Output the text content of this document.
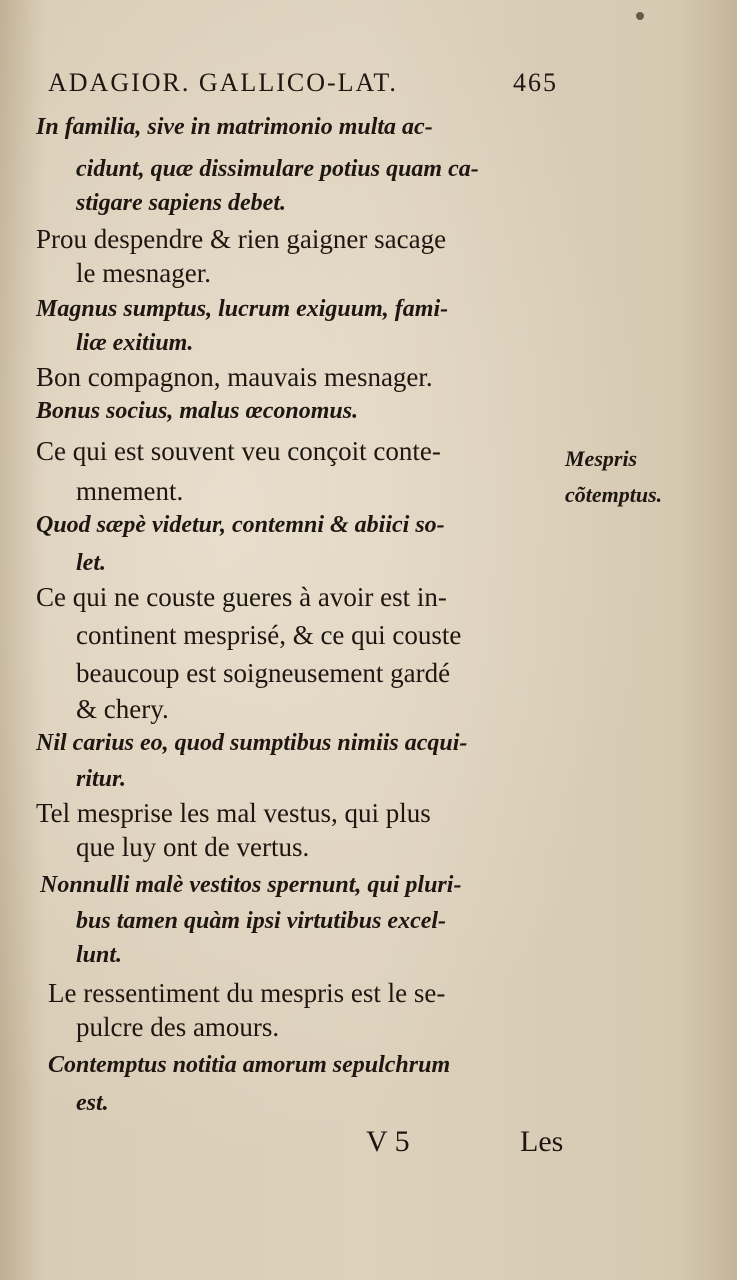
ADAGIOR. GALLICO-LAT.	465
In familia, sive in matrimonio multa ac-
cidunt, quæ dissimulare potius quam ca-
stigare sapiens debet.
Prou despendre & rien gaigner sacage
le mesnager.
Magnus sumptus, lucrum exiguum, fami-
liæ exitium.
Bon compagnon, mauvais mesnager.
Bonus socius, malus œconomus.
Ce qui est souvent veu conçoit conte-
mnement.
Quod sæpè videtur, contemni & abiici so-
let.
Ce qui ne couste gueres à avoir est in-
continent mesprisé, & ce qui couste
beaucoup est soigneusement gardé
& chery.
Nil carius eo, quod sumptibus nimiis acqui-
ritur.
Tel mesprise les mal vestus, qui plus
que luy ont de vertus.
Nonnulli malè vestitos spernunt, qui pluri-
bus tamen quàm ipsi virtutibus excel-
lunt.
Le ressentiment du mespris est le se-
pulcre des amours.
Contemptus notitia amorum sepulchrum
est.
Mespris
cõtemptus.
V 5	Les
